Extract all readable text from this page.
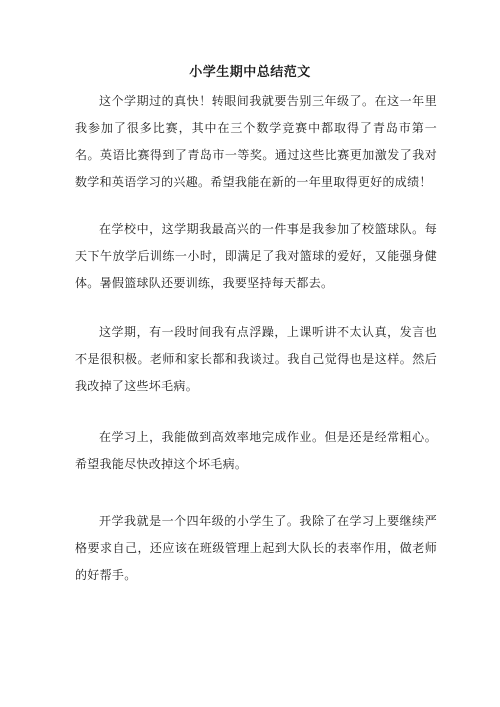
小学生期中总结范文

这个学期过的真快！转眼间我就要告别三年级了。在这一年里我参加了很多比赛，其中在三个数学竞赛中都取得了青岛市第一名。英语比赛得到了青岛市一等奖。通过这些比赛更加激发了我对数学和英语学习的兴趣。希望我能在新的一年里取得更好的成绩！

在学校中，这学期我最高兴的一件事是我参加了校篮球队。每天下午放学后训练一小时，即满足了我对篮球的爱好，又能强身健体。暑假篮球队还要训练，我要坚持每天都去。

这学期，有一段时间我有点浮躁，上课听讲不太认真，发言也不是很积极。老师和家长都和我谈过。我自己觉得也是这样。然后我改掉了这些坏毛病。

在学习上，我能做到高效率地完成作业。但是还是经常粗心。希望我能尽快改掉这个坏毛病。

开学我就是一个四年级的小学生了。我除了在学习上要继续严格要求自己，还应该在班级管理上起到大队长的表率作用，做老师的好帮手。
